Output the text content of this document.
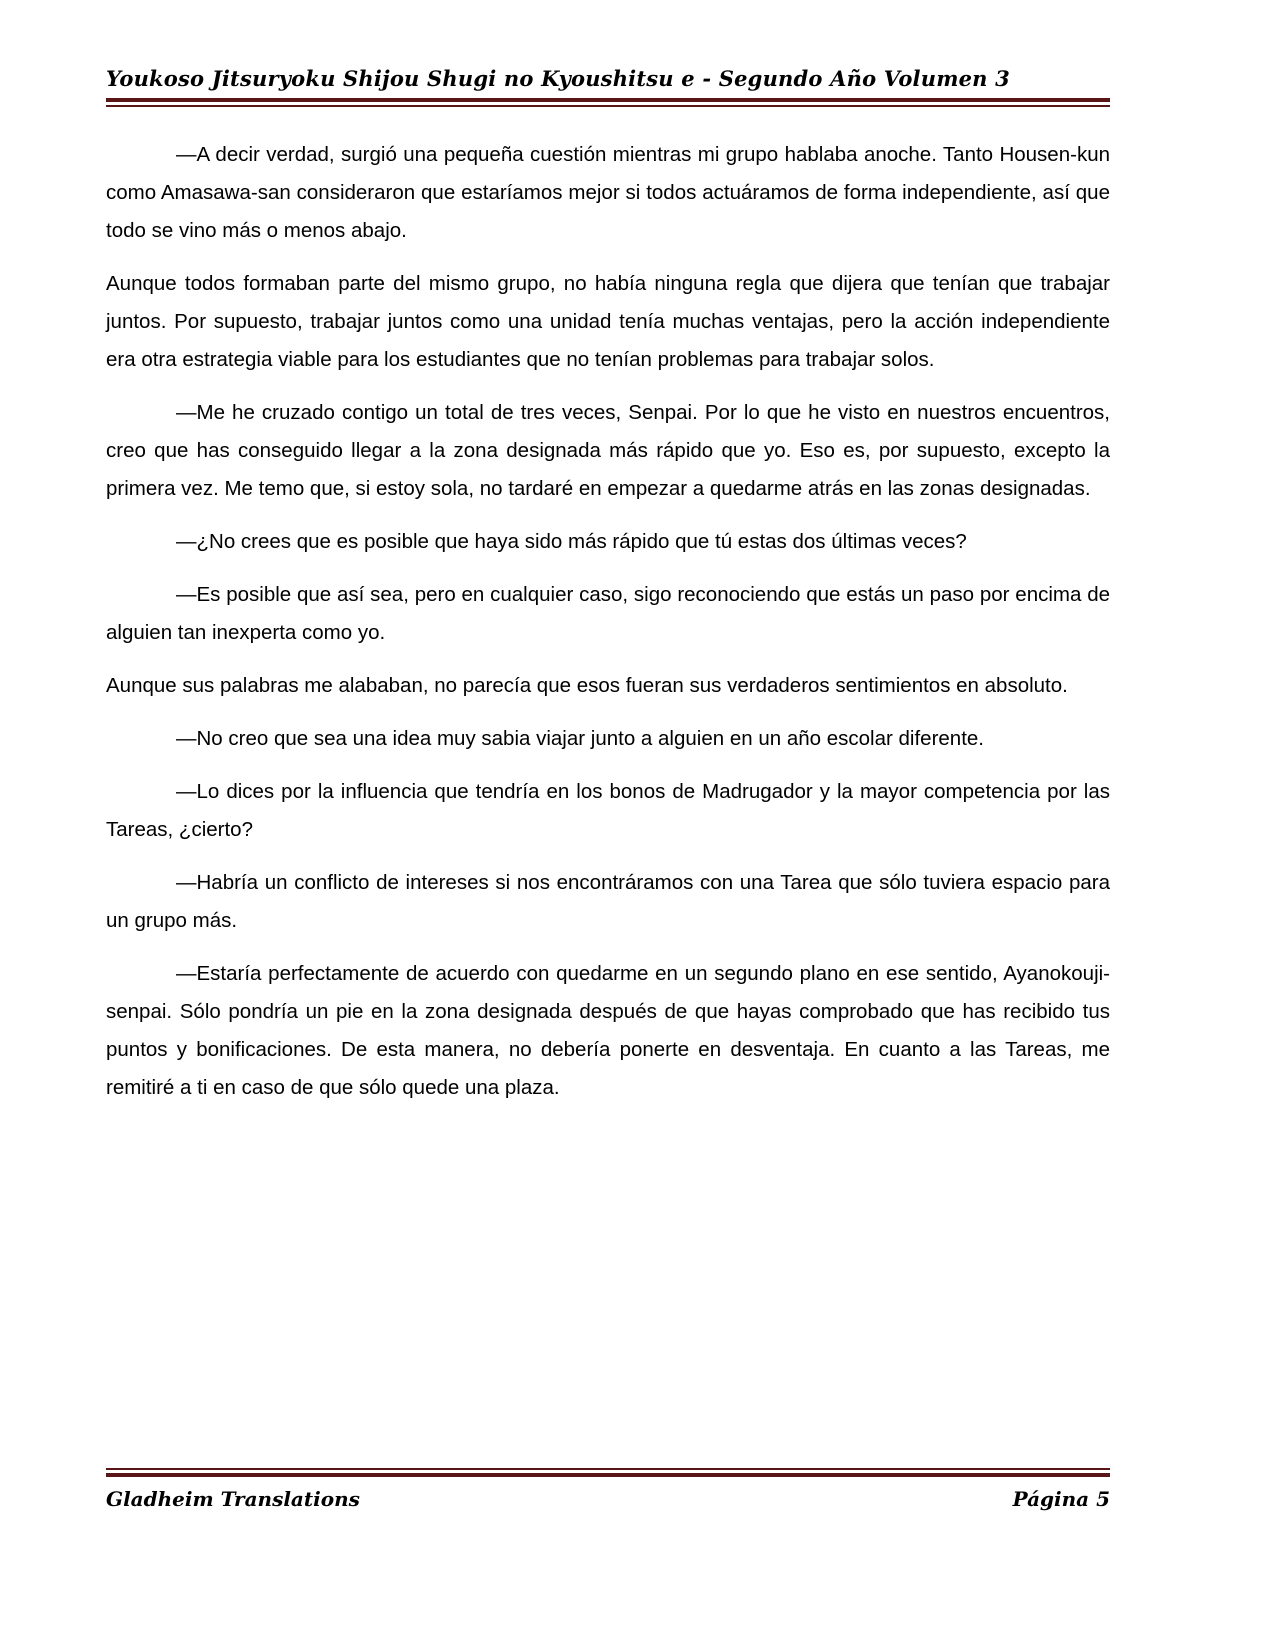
Youkoso Jitsuryoku Shijou Shugi no Kyoushitsu e - Segundo Año Volumen 3

—A decir verdad, surgió una pequeña cuestión mientras mi grupo hablaba anoche. Tanto Housen-kun como Amasawa-san consideraron que estaríamos mejor si todos actuáramos de forma independiente, así que todo se vino más o menos abajo.

Aunque todos formaban parte del mismo grupo, no había ninguna regla que dijera que tenían que trabajar juntos. Por supuesto, trabajar juntos como una unidad tenía muchas ventajas, pero la acción independiente era otra estrategia viable para los estudiantes que no tenían problemas para trabajar solos.

—Me he cruzado contigo un total de tres veces, Senpai. Por lo que he visto en nuestros encuentros, creo que has conseguido llegar a la zona designada más rápido que yo. Eso es, por supuesto, excepto la primera vez. Me temo que, si estoy sola, no tardaré en empezar a quedarme atrás en las zonas designadas.

—¿No crees que es posible que haya sido más rápido que tú estas dos últimas veces?

—Es posible que así sea, pero en cualquier caso, sigo reconociendo que estás un paso por encima de alguien tan inexperta como yo.

Aunque sus palabras me alababan, no parecía que esos fueran sus verdaderos sentimientos en absoluto.

—No creo que sea una idea muy sabia viajar junto a alguien en un año escolar diferente.

—Lo dices por la influencia que tendría en los bonos de Madrugador y la mayor competencia por las Tareas, ¿cierto?

—Habría un conflicto de intereses si nos encontráramos con una Tarea que sólo tuviera espacio para un grupo más.

—Estaría perfectamente de acuerdo con quedarme en un segundo plano en ese sentido, Ayanokouji-senpai. Sólo pondría un pie en la zona designada después de que hayas comprobado que has recibido tus puntos y bonificaciones. De esta manera, no debería ponerte en desventaja. En cuanto a las Tareas, me remitiré a ti en caso de que sólo quede una plaza.

Gladheim Translations	Página 5
